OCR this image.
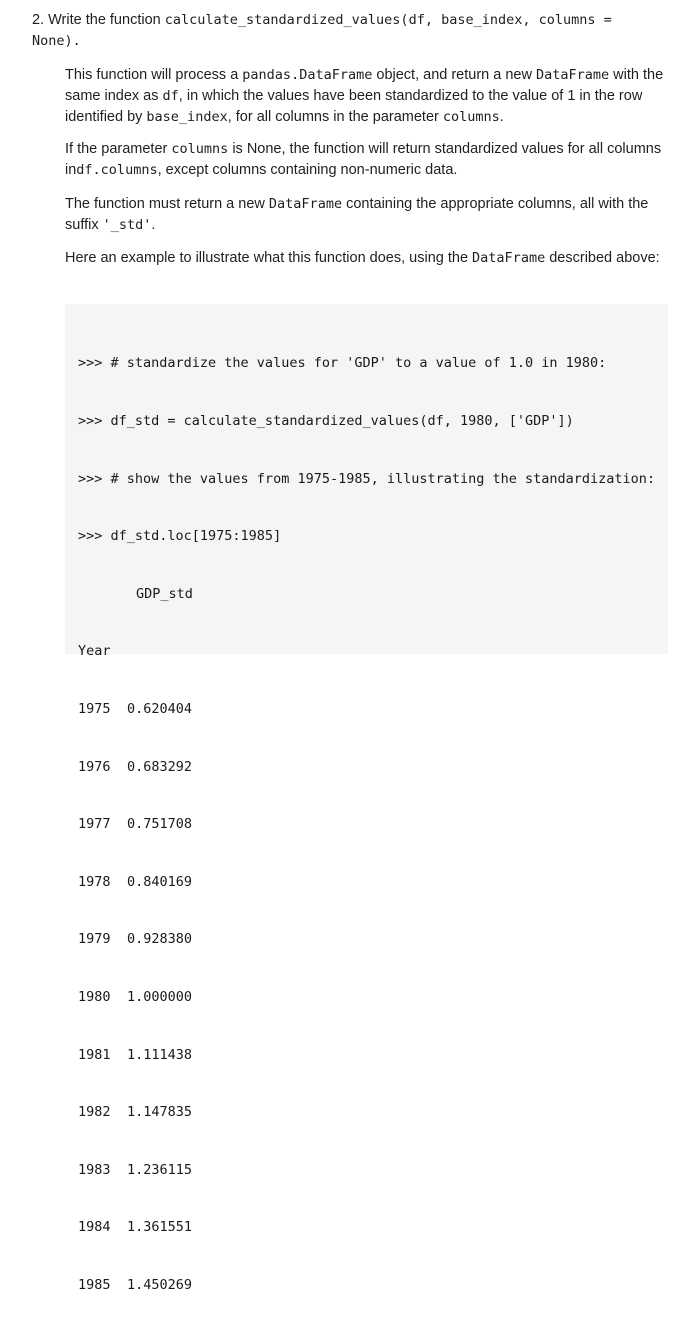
2. Write the function calculate_standardized_values(df, base_index, columns =
None).
This function will process a pandas.DataFrame object, and return a new DataFrame with the same index as df, in which the values have been standardized to the value of 1 in the row identified by base_index, for all columns in the parameter columns.
If the parameter columns is None, the function will return standardized values for all columns indf.columns, except columns containing non-numeric data.
The function must return a new DataFrame containing the appropriate columns, all with the suffix '_std'.
Here an example to illustrate what this function does, using the DataFrame described above:

>>> # standardize the values for 'GDP' to a value of 1.0 in 1980:

>>> df_std = calculate_standardized_values(df, 1980, ['GDP'])

>>> # show the values from 1975-1985, illustrating the standardization:

>>> df_std.loc[1975:1985]

GDP_std

Year

1975 0.620404

1976 0.683292

1977 0.751708

1978 0.840169

1979 0.928380

1980 1.000000

1981 1.111438

1982 1.147835

1983 1.236115

1984 1.361551

1985 1.450269
